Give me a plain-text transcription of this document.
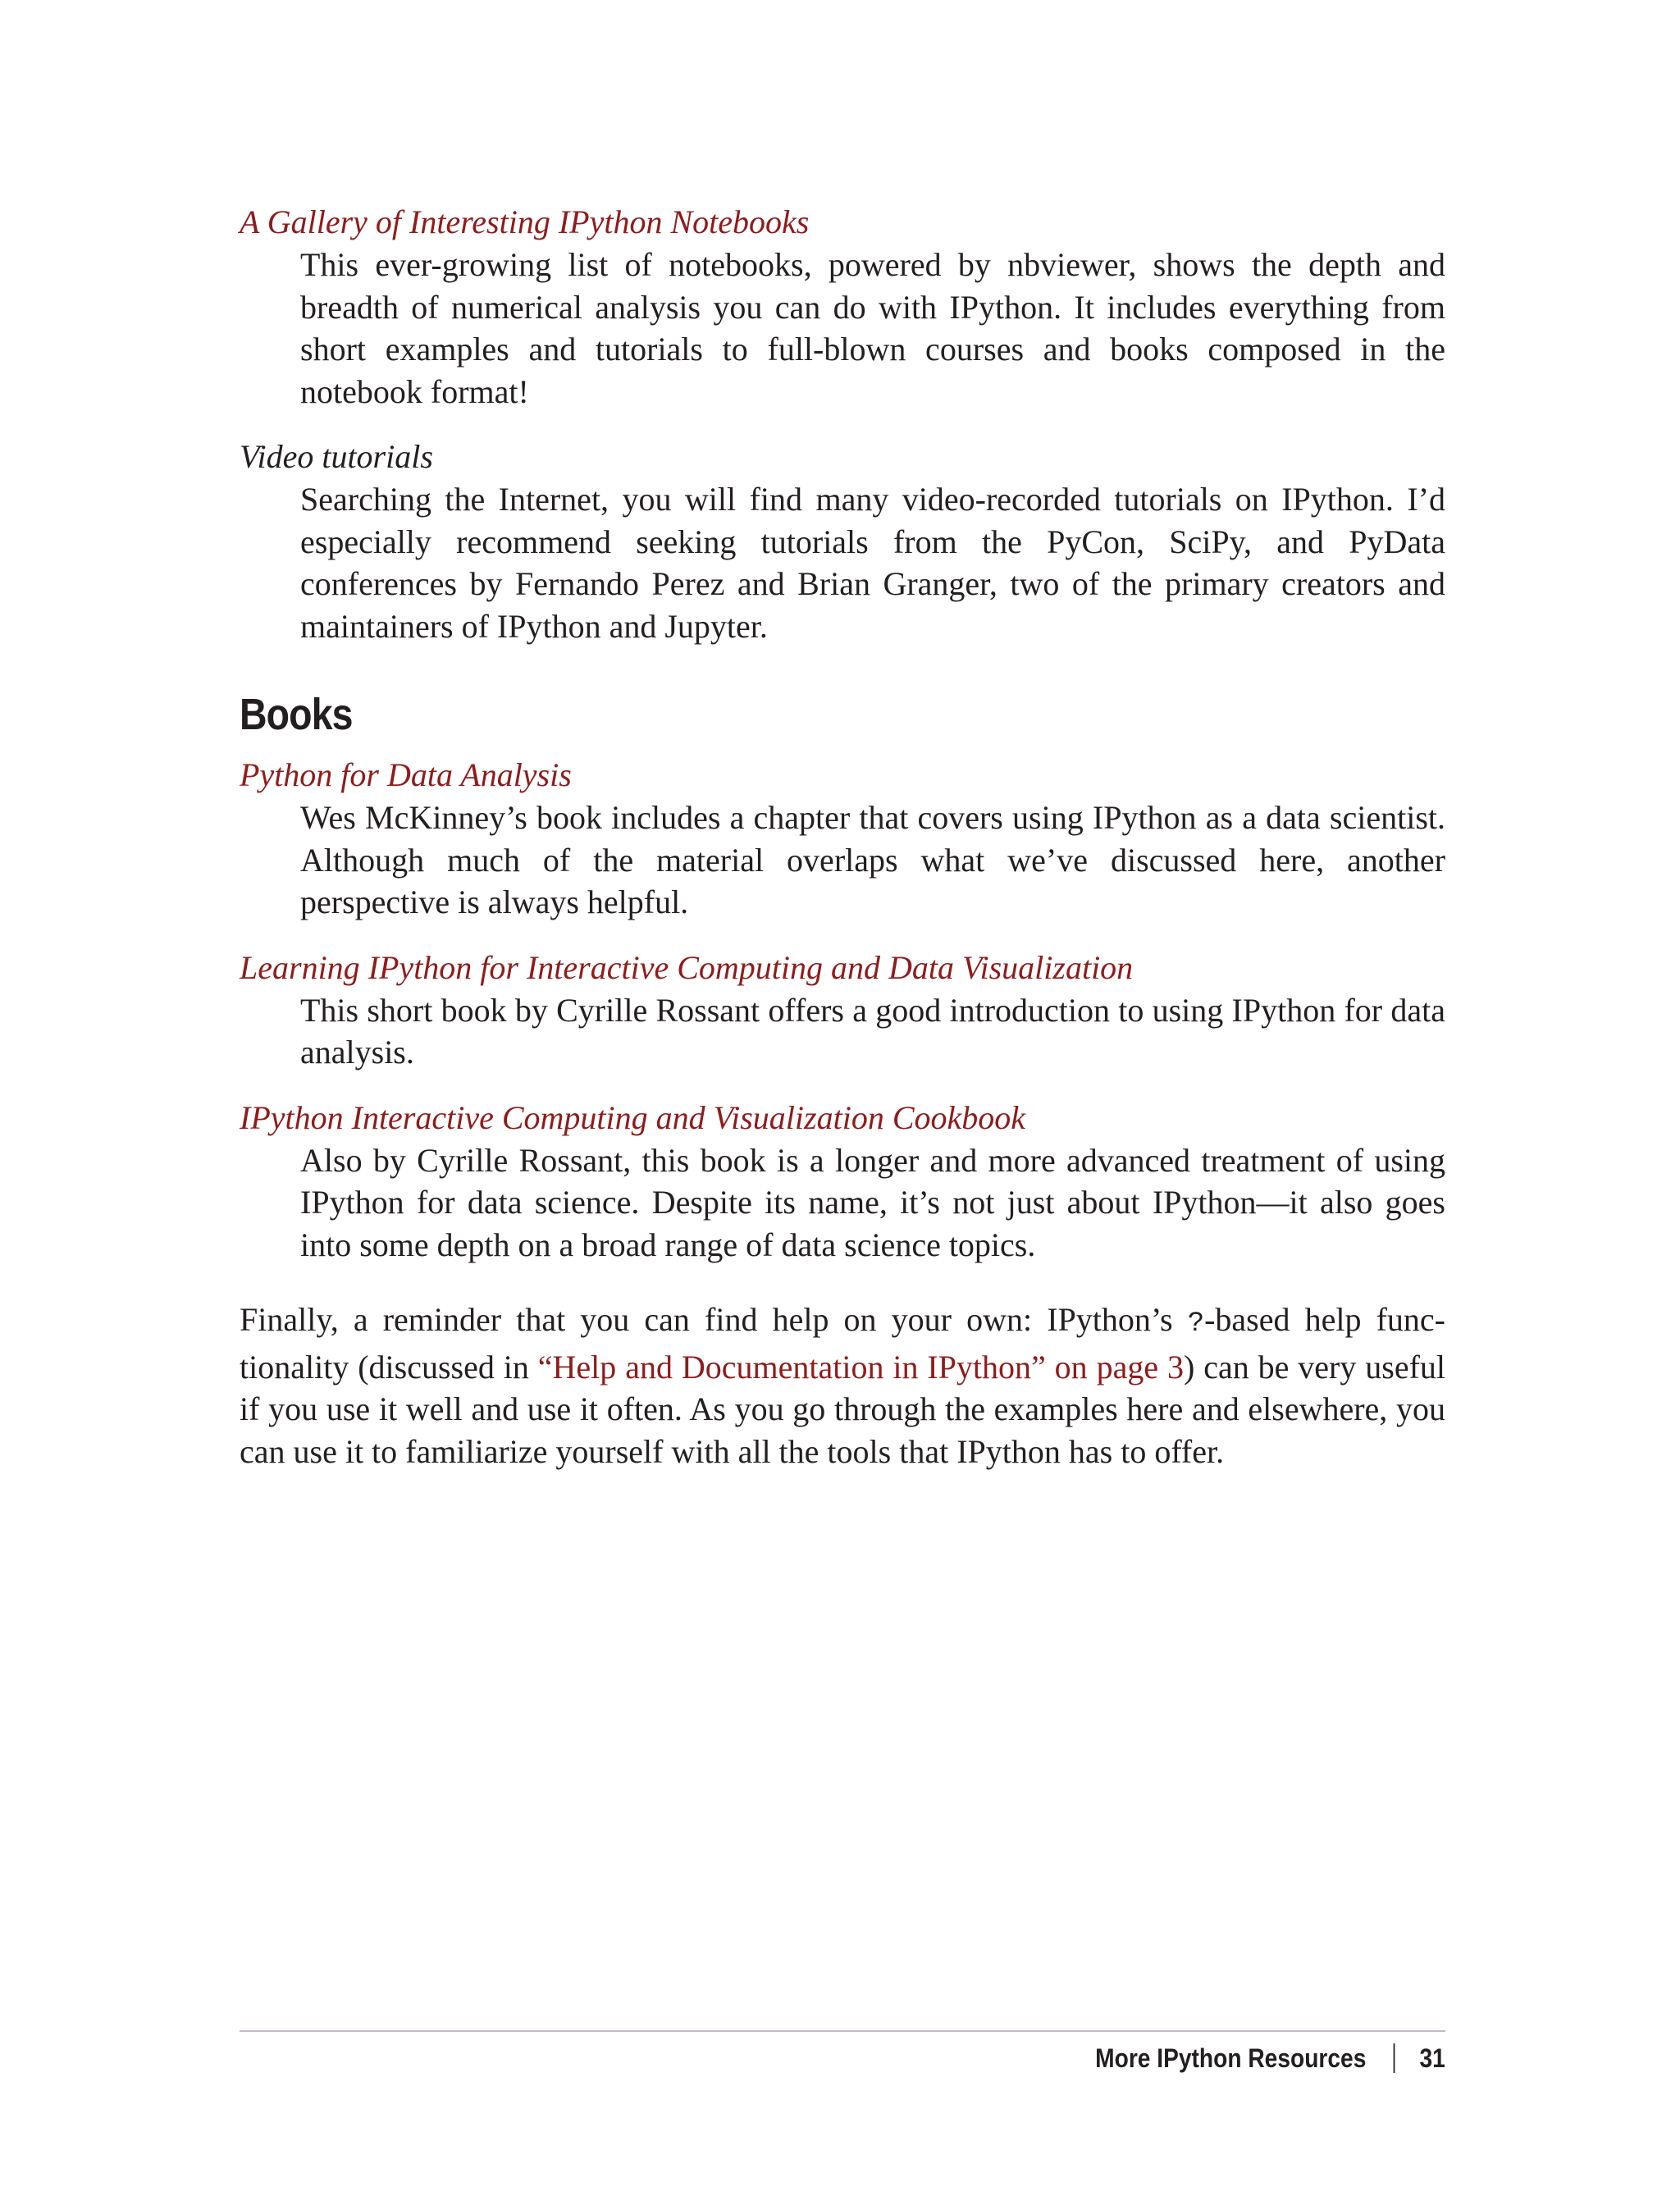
A Gallery of Interesting IPython Notebooks
This ever-growing list of notebooks, powered by nbviewer, shows the depth and breadth of numerical analysis you can do with IPython. It includes everything from short examples and tutorials to full-blown courses and books composed in the notebook format!
Video tutorials
Searching the Internet, you will find many video-recorded tutorials on IPython. I’d especially recommend seeking tutorials from the PyCon, SciPy, and PyData conferences by Fernando Perez and Brian Granger, two of the primary creators and maintainers of IPython and Jupyter.
Books
Python for Data Analysis
Wes McKinney’s book includes a chapter that covers using IPython as a data scientist. Although much of the material overlaps what we’ve discussed here, another perspective is always helpful.
Learning IPython for Interactive Computing and Data Visualization
This short book by Cyrille Rossant offers a good introduction to using IPython for data analysis.
IPython Interactive Computing and Visualization Cookbook
Also by Cyrille Rossant, this book is a longer and more advanced treatment of using IPython for data science. Despite its name, it’s not just about IPython—it also goes into some depth on a broad range of data science topics.
Finally, a reminder that you can find help on your own: IPython’s ?-based help functionality (discussed in “Help and Documentation in IPython” on page 3) can be very useful if you use it well and use it often. As you go through the examples here and elsewhere, you can use it to familiarize yourself with all the tools that IPython has to offer.
More IPython Resources 31
